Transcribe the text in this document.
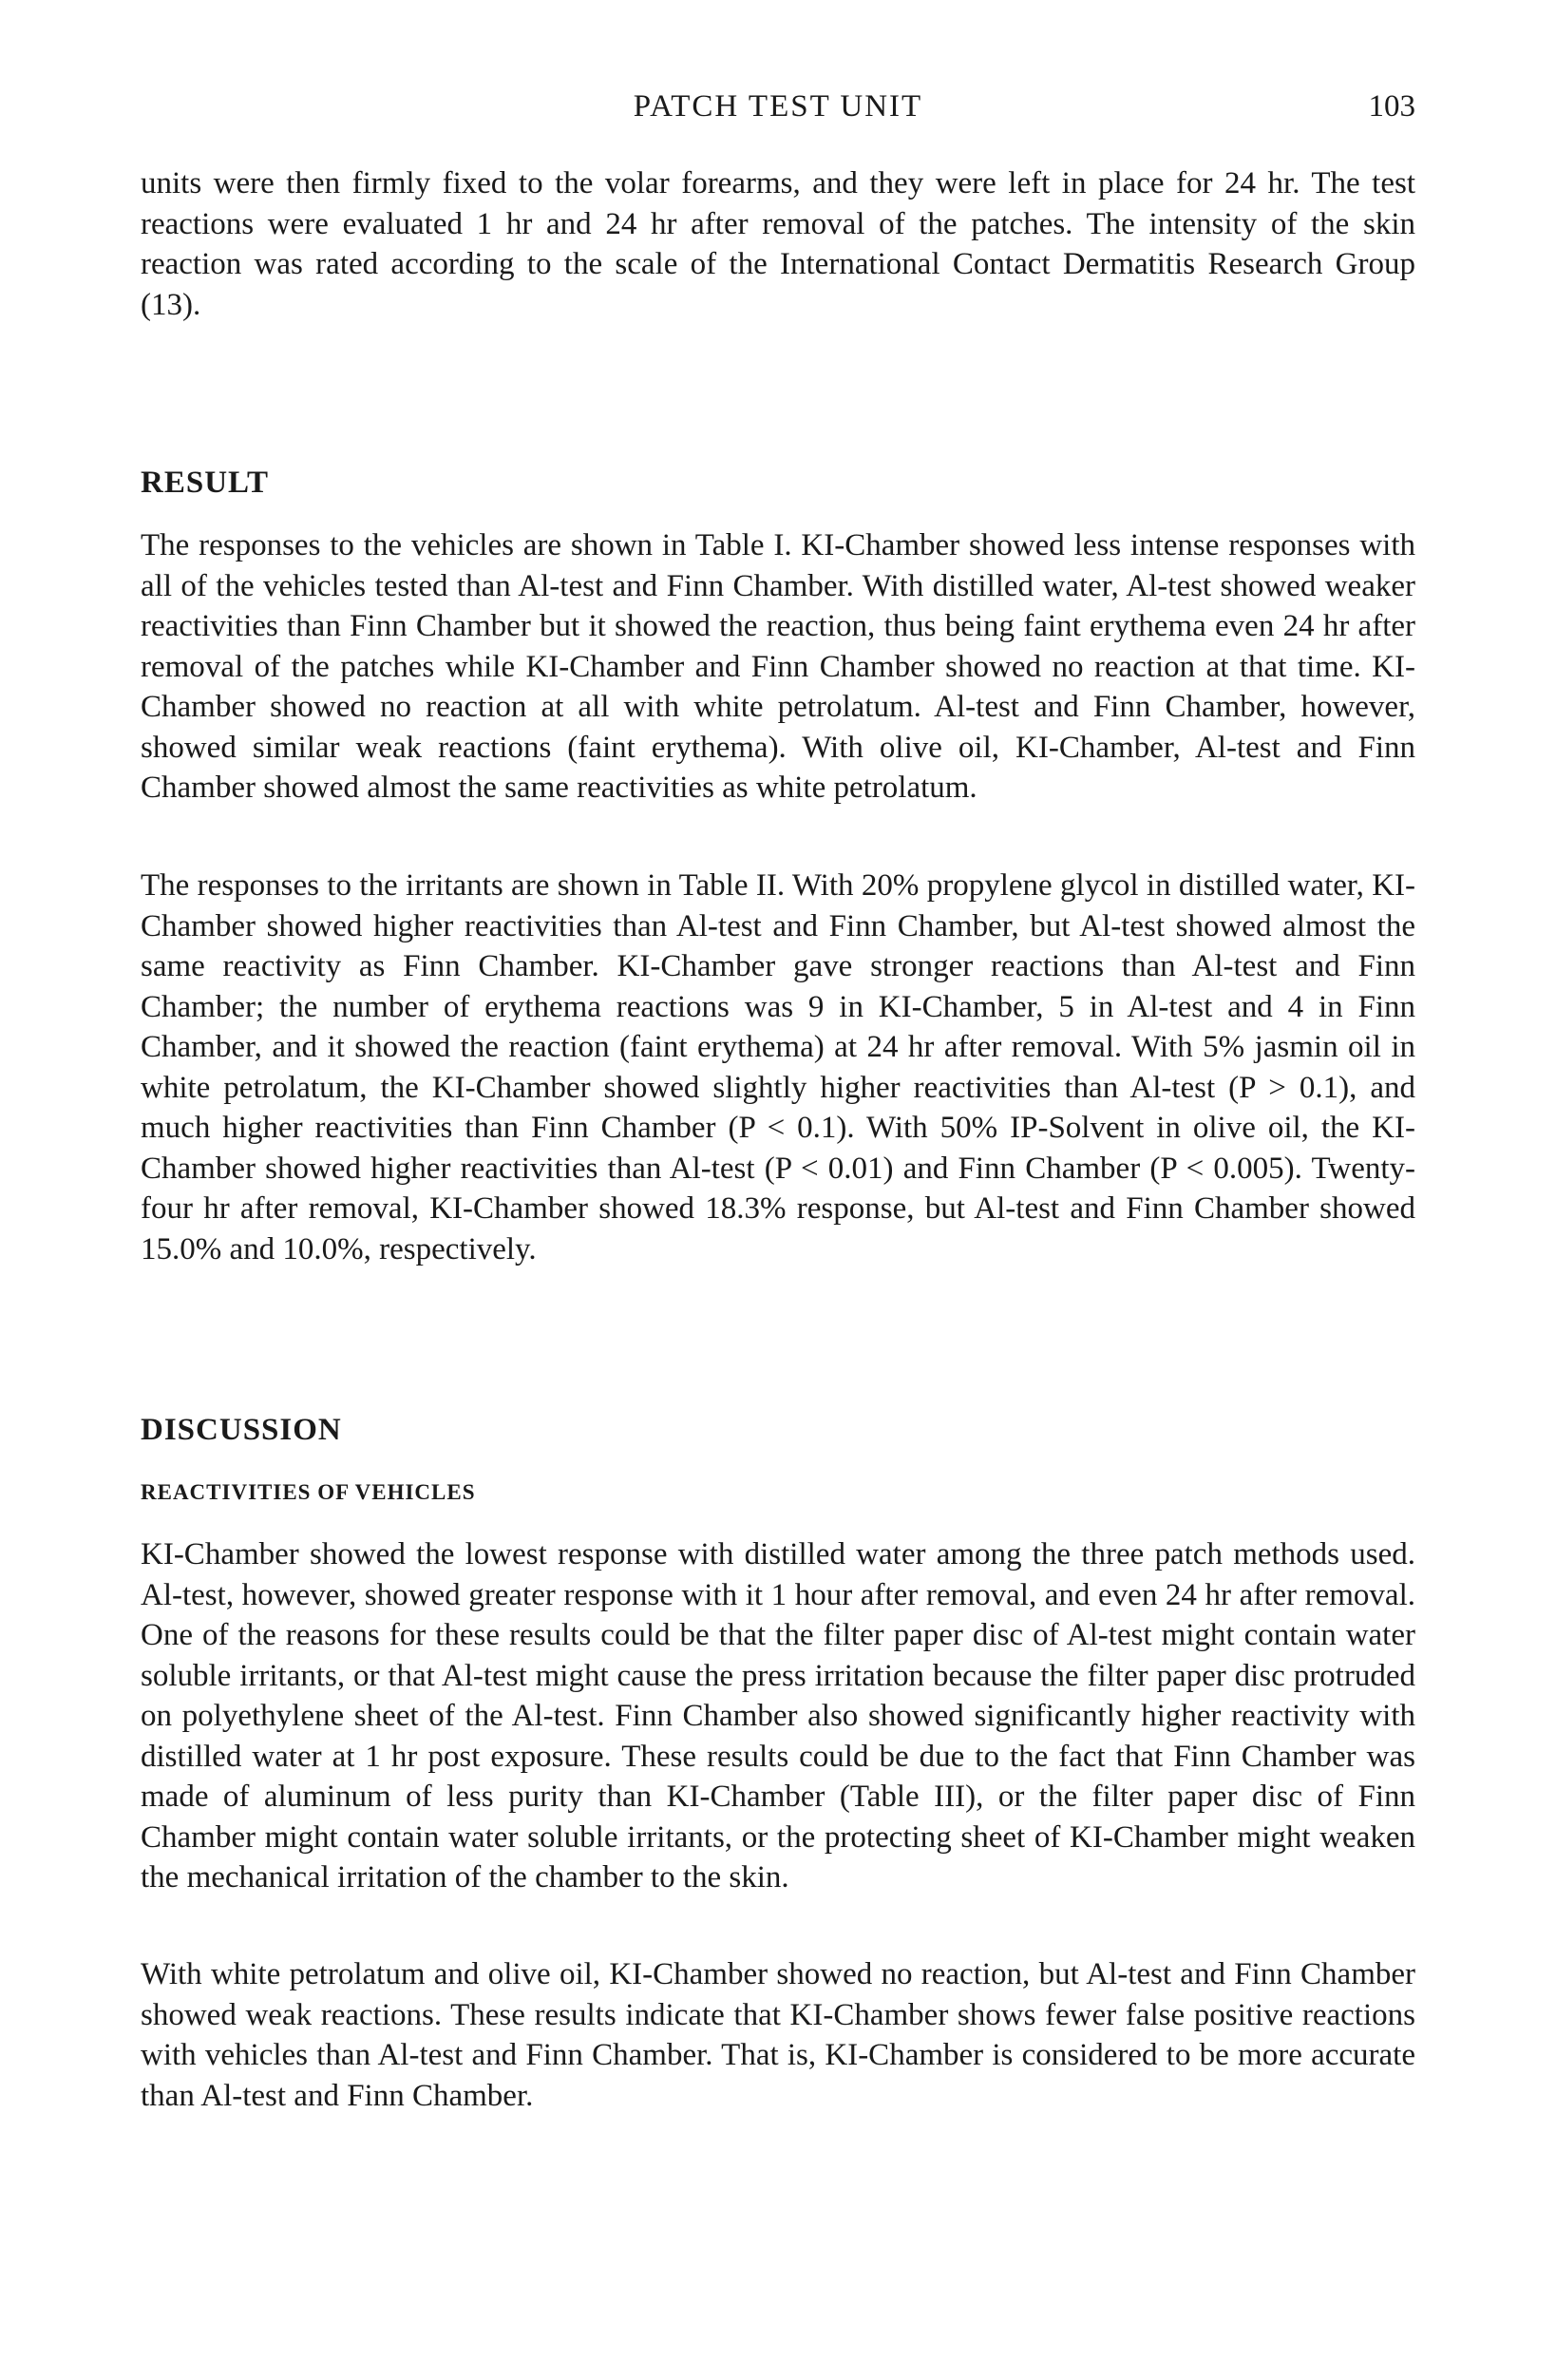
PATCH TEST UNIT	103

units were then firmly fixed to the volar forearms, and they were left in place for 24 hr. The test reactions were evaluated 1 hr and 24 hr after removal of the patches. The intensity of the skin reaction was rated according to the scale of the International Contact Dermatitis Research Group (13).

RESULT

The responses to the vehicles are shown in Table I. KI-Chamber showed less intense responses with all of the vehicles tested than Al-test and Finn Chamber. With distilled water, Al-test showed weaker reactivities than Finn Chamber but it showed the reaction, thus being faint erythema even 24 hr after removal of the patches while KI-Chamber and Finn Chamber showed no reaction at that time. KI-Chamber showed no reaction at all with white petrolatum. Al-test and Finn Chamber, however, showed similar weak reactions (faint erythema). With olive oil, KI-Chamber, Al-test and Finn Chamber showed almost the same reactivities as white petrolatum.

The responses to the irritants are shown in Table II. With 20% propylene glycol in distilled water, KI-Chamber showed higher reactivities than Al-test and Finn Chamber, but Al-test showed almost the same reactivity as Finn Chamber. KI-Chamber gave stronger reactions than Al-test and Finn Chamber; the number of erythema reactions was 9 in KI-Chamber, 5 in Al-test and 4 in Finn Chamber, and it showed the reaction (faint erythema) at 24 hr after removal. With 5% jasmin oil in white petrolatum, the KI-Chamber showed slightly higher reactivities than Al-test (P > 0.1), and much higher reactivities than Finn Chamber (P < 0.1). With 50% IP-Solvent in olive oil, the KI-Chamber showed higher reactivities than Al-test (P < 0.01) and Finn Chamber (P < 0.005). Twenty-four hr after removal, KI-Chamber showed 18.3% response, but Al-test and Finn Chamber showed 15.0% and 10.0%, respectively.

DISCUSSION
REACTIVITIES OF VEHICLES

KI-Chamber showed the lowest response with distilled water among the three patch methods used. Al-test, however, showed greater response with it 1 hour after removal, and even 24 hr after removal. One of the reasons for these results could be that the filter paper disc of Al-test might contain water soluble irritants, or that Al-test might cause the press irritation because the filter paper disc protruded on polyethylene sheet of the Al-test. Finn Chamber also showed significantly higher reactivity with distilled water at 1 hr post exposure. These results could be due to the fact that Finn Chamber was made of aluminum of less purity than KI-Chamber (Table III), or the filter paper disc of Finn Chamber might contain water soluble irritants, or the protecting sheet of KI-Chamber might weaken the mechanical irritation of the chamber to the skin.

With white petrolatum and olive oil, KI-Chamber showed no reaction, but Al-test and Finn Chamber showed weak reactions. These results indicate that KI-Chamber shows fewer false positive reactions with vehicles than Al-test and Finn Chamber. That is, KI-Chamber is considered to be more accurate than Al-test and Finn Chamber.
